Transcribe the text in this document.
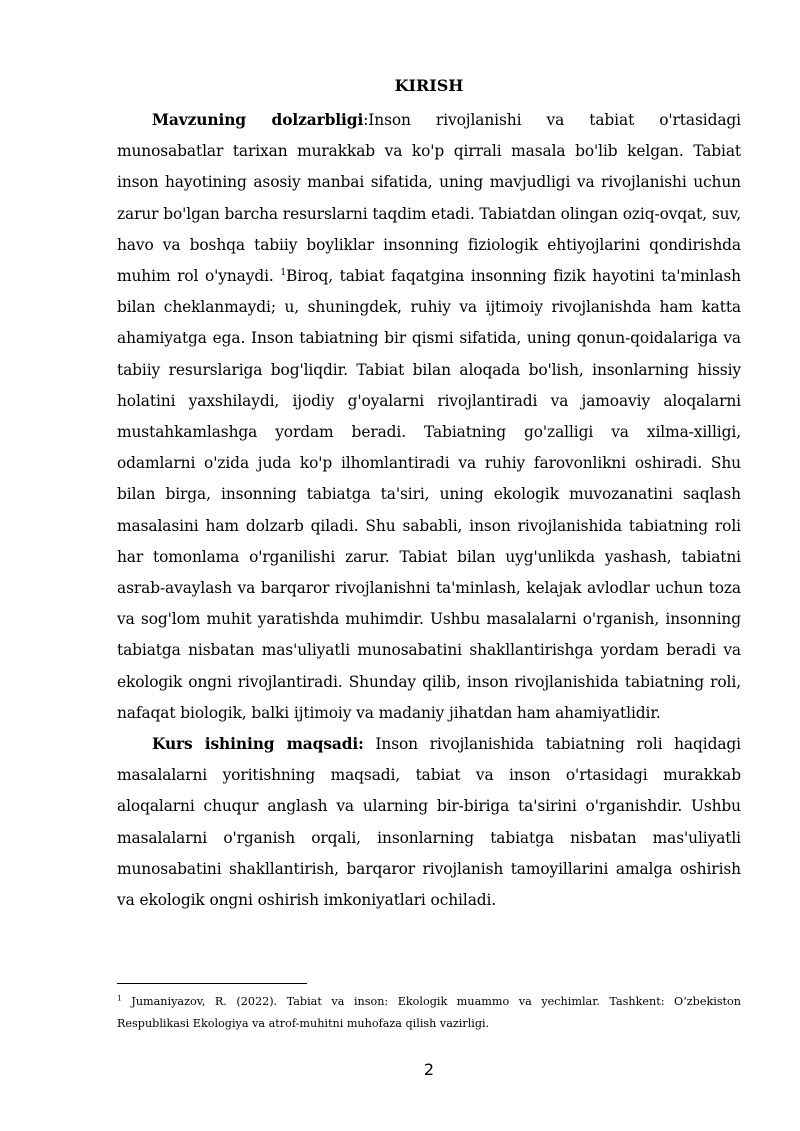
KIRISH

Mavzuning dolzarbligi:Inson rivojlanishi va tabiat o'rtasidagi munosabatlar tarixan murakkab va ko'p qirrali masala bo'lib kelgan. Tabiat inson hayotining asosiy manbai sifatida, uning mavjudligi va rivojlanishi uchun zarur bo'lgan barcha resurslarni taqdim etadi. Tabiatdan olingan oziq-ovqat, suv, havo va boshqa tabiiy boyliklar insonning fiziologik ehtiyojlarini qondirishda muhim rol o'ynaydi. $^1$Biroq, tabiat faqatgina insonning fizik hayotini ta'minlash bilan cheklanmaydi; u, shuningdek, ruhiy va ijtimoiy rivojlanishda ham katta ahamiyatga ega. Inson tabiatning bir qismi sifatida, uning qonun-qoidalariga va tabiiy resurslariga bog'liqdir. Tabiat bilan aloqada bo'lish, insonlarning hissiy holatini yaxshilaydi, ijodiy g'oyalarni rivojlantiradi va jamoaviy aloqalarni mustahkamlashga yordam beradi. Tabiatning go'zalligi va xilma-xilligi, odamlarni o'zida juda ko'p ilhomlantiradi va ruhiy farovonlikni oshiradi. Shu bilan birga, insonning tabiatga ta'siri, uning ekologik muvozanatini saqlash masalasini ham dolzarb qiladi. Shu sababli, inson rivojlanishida tabiatning roli har tomonlama o'rganilishi zarur. Tabiat bilan uyg'unlikda yashash, tabiatni asrab-avaylash va barqaror rivojlanishni ta'minlash, kelajak avlodlar uchun toza va sog'lom muhit yaratishda muhimdir. Ushbu masalalarni o'rganish, insonning tabiatga nisbatan mas'uliyatli munosabatini shakllantirishga yordam beradi va ekologik ongni rivojlantiradi. Shunday qilib, inson rivojlanishida tabiatning roli, nafaqat biologik, balki ijtimoiy va madaniy jihatdan ham ahamiyatlidir.

Kurs ishining maqsadi: Inson rivojlanishida tabiatning roli haqidagi masalalarni yoritishning maqsadi, tabiat va inson o'rtasidagi murakkab aloqalarni chuqur anglash va ularning bir-biriga ta'sirini o'rganishdir. Ushbu masalalarni o'rganish orqali, insonlarning tabiatga nisbatan mas'uliyatli munosabatini shakllantirish, barqaror rivojlanish tamoyillarini amalga oshirish va ekologik ongni oshirish imkoniyatlari ochiladi.

$^1$ Jumaniyazov, R. (2022). Tabiat va inson: Ekologik muammo va yechimlar. Tashkent: O‘zbekiston Respublikasi Ekologiya va atrof-muhitni muhofaza qilish vazirligi.
2
